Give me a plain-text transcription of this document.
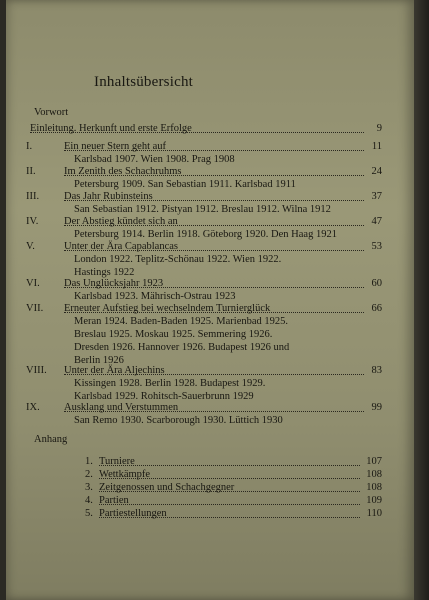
Inhaltsübersicht
Vorwort
Einleitung. Herkunft und erste Erfolge	9
I.	Ein neuer Stern geht auf	11
Karlsbad 1907. Wien 1908. Prag 1908
II.	Im Zenith des Schachruhms	24
Petersburg 1909. San Sebastian 1911. Karlsbad 1911
III.	Das Jahr Rubinsteins	37
San Sebastian 1912. Pistyan 1912. Breslau 1912. Wilna 1912
IV.	Der Abstieg kündet sich an	47
Petersburg 1914. Berlin 1918. Göteborg 1920. Den Haag 1921
V.	Unter der Ära Capablancas	53
London 1922. Teplitz-Schönau 1922. Wien 1922.
Hastings 1922
VI.	Das Unglücksjahr 1923	60
Karlsbad 1923. Mährisch-Ostrau 1923
VII.	Erneuter Aufstieg bei wechselndem Turnierglück	66
Meran 1924. Baden-Baden 1925. Marienbad 1925.
Breslau 1925. Moskau 1925. Semmering 1926.
Dresden 1926. Hannover 1926. Budapest 1926 und
Berlin 1926
VIII.	Unter der Ära Aljechins	83
Kissingen 1928. Berlin 1928. Budapest 1929.
Karlsbad 1929. Rohitsch-Sauerbrunn 1929
IX.	Ausklang und Verstummen	99
San Remo 1930. Scarborough 1930. Lüttich 1930
Anhang
1. Turniere	107
2. Wettkämpfe	108
3. Zeitgenossen und Schachgegner	108
4. Partien	109
5. Partiestellungen	110
